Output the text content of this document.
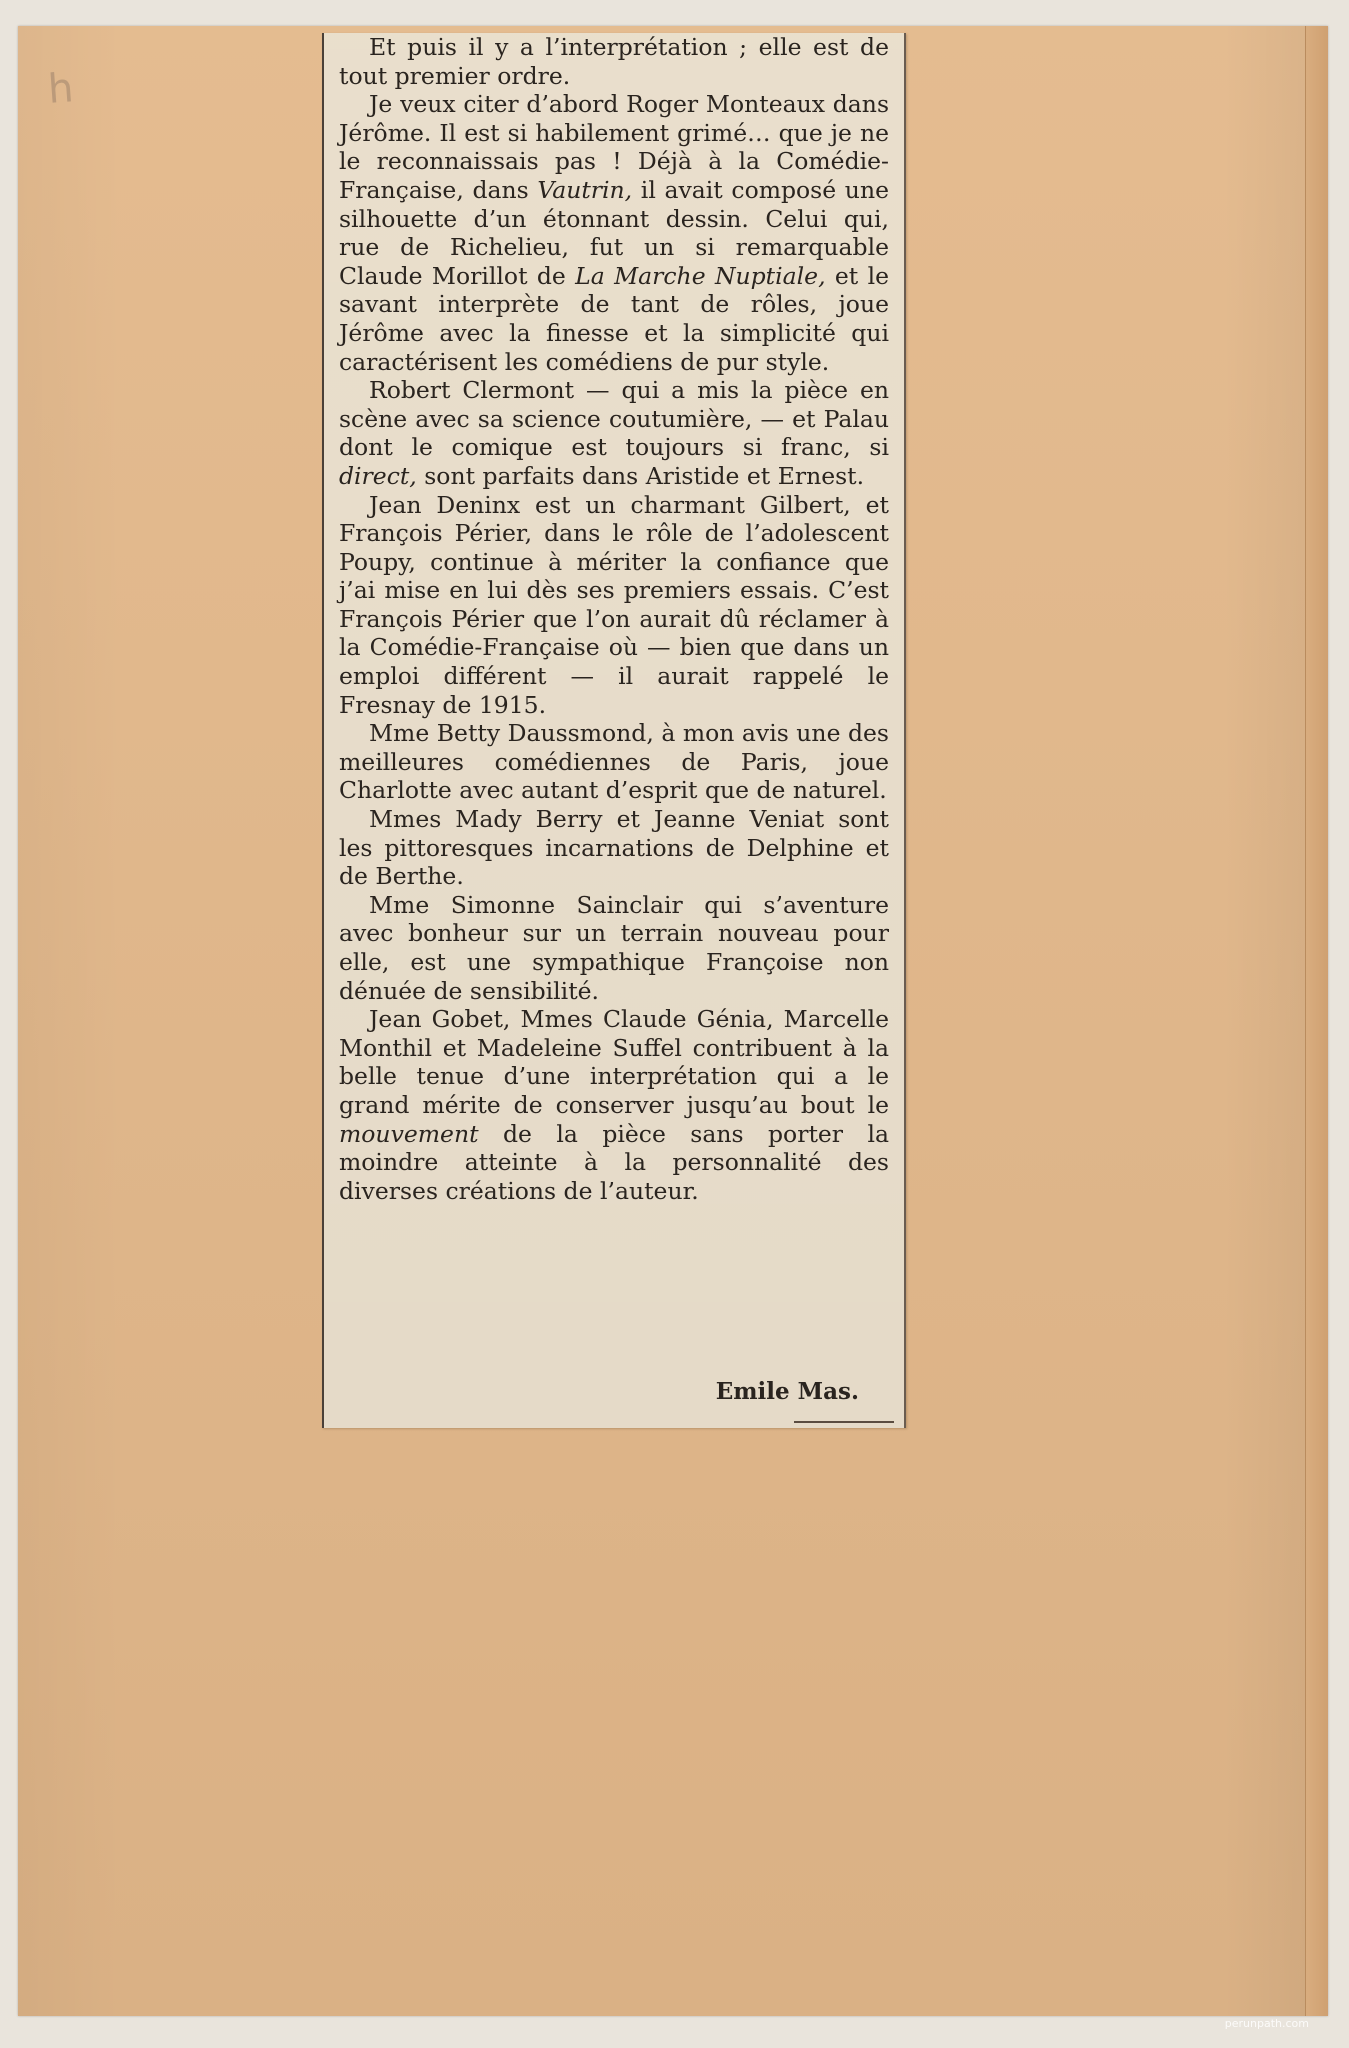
h

Et puis il y a l’interprétation ; elle est de tout premier ordre.

Je veux citer d’abord Roger Monteaux dans Jérôme. Il est si habilement grimé… que je ne le reconnaissais pas ! Déjà à la Comédie-Française, dans Vautrin, il avait composé une silhouette d’un étonnant dessin. Celui qui, rue de Richelieu, fut un si remarquable Claude Morillot de La Marche Nuptiale, et le savant interprète de tant de rôles, joue Jérôme avec la finesse et la simplicité qui caractérisent les comédiens de pur style.

Robert Clermont — qui a mis la pièce en scène avec sa science coutumière, — et Palau dont le comique est toujours si franc, si direct, sont parfaits dans Aristide et Ernest.

Jean Deninx est un charmant Gilbert, et François Périer, dans le rôle de l’adolescent Poupy, continue à mériter la confiance que j’ai mise en lui dès ses premiers essais. C’est François Périer que l’on aurait dû réclamer à la Comédie-Française où — bien que dans un emploi différent — il aurait rappelé le Fresnay de 1915.

Mme Betty Daussmond, à mon avis une des meilleures comédiennes de Paris, joue Charlotte avec autant d’esprit que de naturel.

Mmes Mady Berry et Jeanne Veniat sont les pittoresques incarnations de Delphine et de Berthe.

Mme Simonne Sainclair qui s’aventure avec bonheur sur un terrain nouveau pour elle, est une sympathique Françoise non dénuée de sensibilité.

Jean Gobet, Mmes Claude Génia, Marcelle Monthil et Madeleine Suffel contribuent à la belle tenue d’une interprétation qui a le grand mérite de conserver jusqu’au bout le mouvement de la pièce sans porter la moindre atteinte à la personnalité des diverses créations de l’auteur.

Emile Mas.
perunpath.com
